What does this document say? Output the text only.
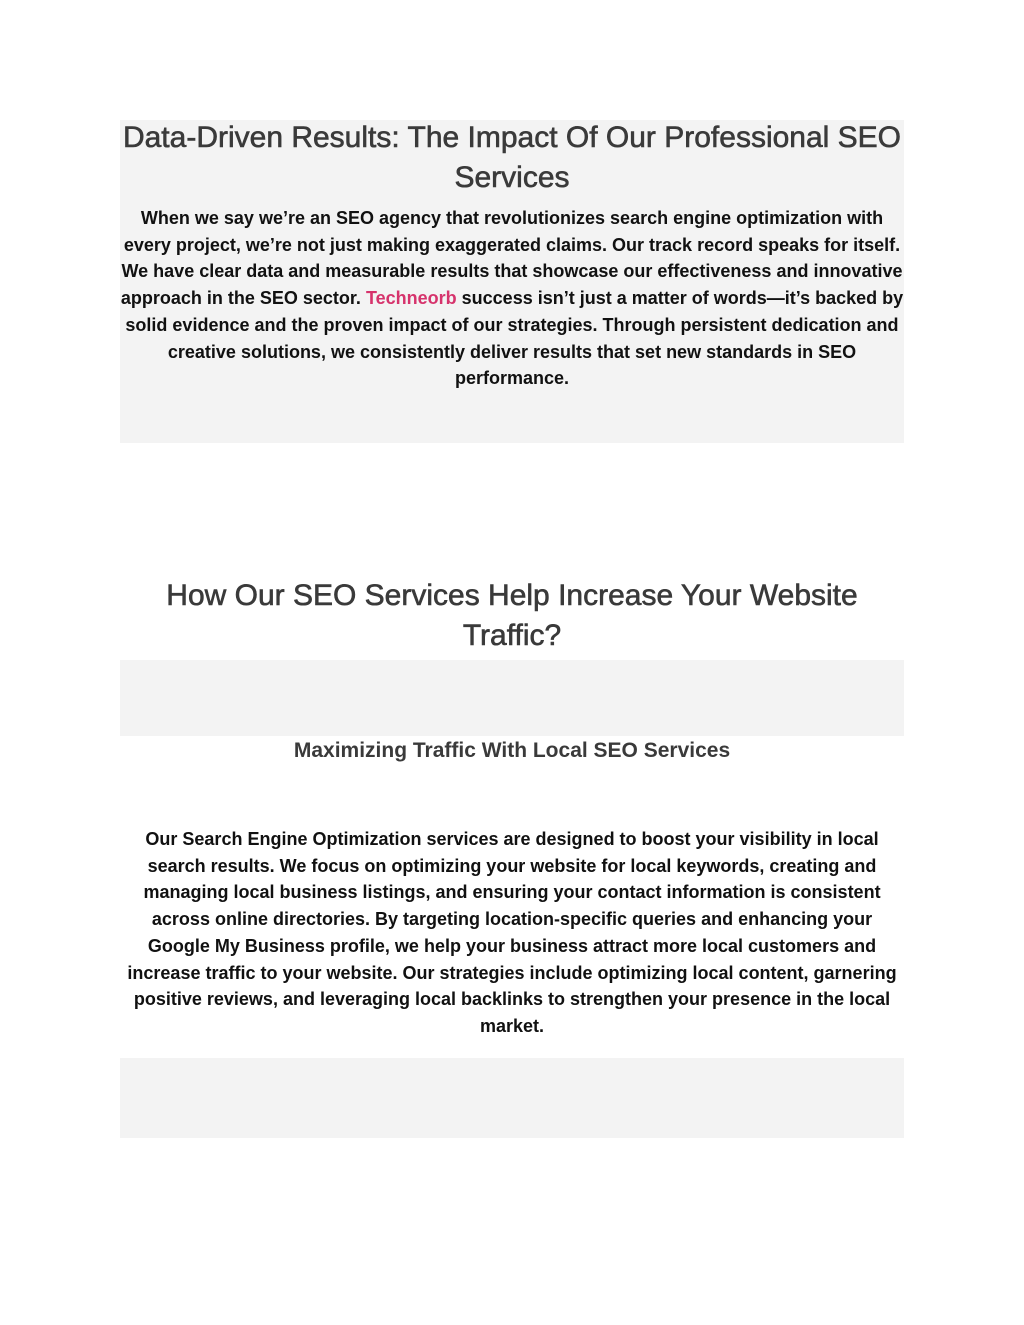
Data-Driven Results: The Impact Of Our Professional SEO Services

When we say we’re an SEO agency that revolutionizes search engine optimization with every project, we’re not just making exaggerated claims. Our track record speaks for itself. We have clear data and measurable results that showcase our effectiveness and innovative approach in the SEO sector. Techneorb success isn’t just a matter of words—it’s backed by solid evidence and the proven impact of our strategies. Through persistent dedication and creative solutions, we consistently deliver results that set new standards in SEO performance.

How Our SEO Services Help Increase Your Website Traffic?
Maximizing Traffic With Local SEO Services

Our Search Engine Optimization services are designed to boost your visibility in local search results. We focus on optimizing your website for local keywords, creating and managing local business listings, and ensuring your contact information is consistent across online directories. By targeting location-specific queries and enhancing your Google My Business profile, we help your business attract more local customers and increase traffic to your website. Our strategies include optimizing local content, garnering positive reviews, and leveraging local backlinks to strengthen your presence in the local market.
